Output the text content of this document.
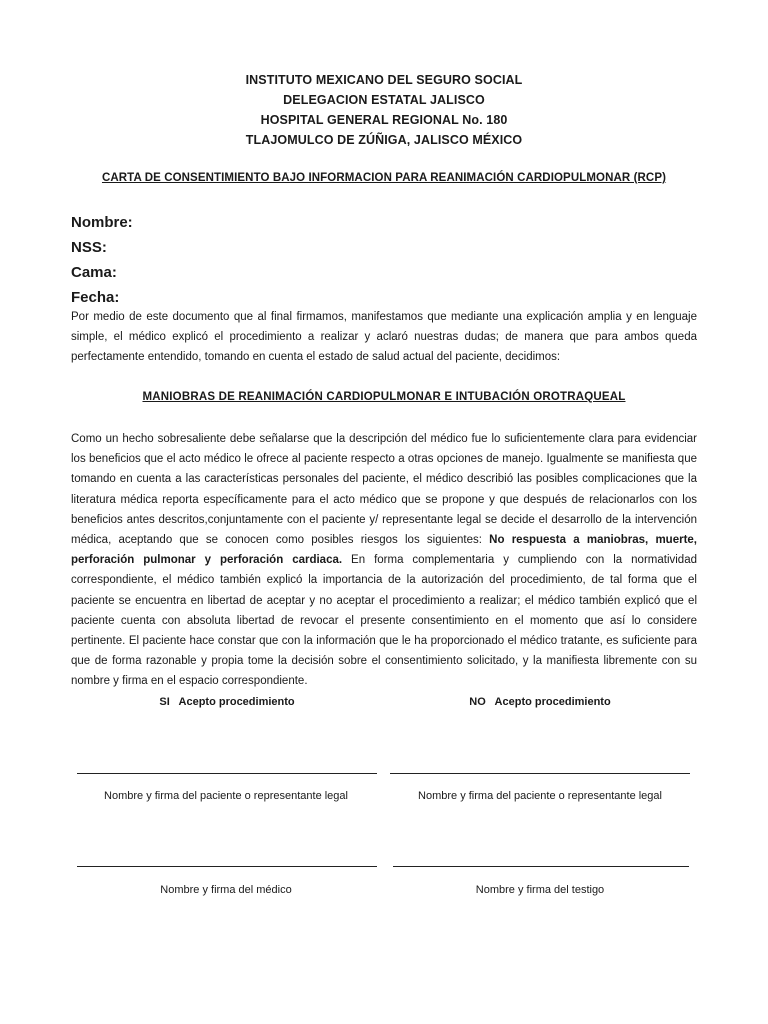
INSTITUTO MEXICANO DEL SEGURO SOCIAL
DELEGACION ESTATAL JALISCO
HOSPITAL GENERAL REGIONAL No. 180
TLAJOMULCO DE ZÚÑIGA, JALISCO MÉXICO
CARTA DE CONSENTIMIENTO BAJO INFORMACION PARA REANIMACIÓN CARDIOPULMONAR (RCP)
Nombre:
NSS:
Cama:
Fecha:
Por medio de este documento que al final firmamos, manifestamos que mediante una explicación amplia y en lenguaje simple, el médico explicó el procedimiento a realizar y aclaró nuestras dudas; de manera que para ambos queda perfectamente entendido, tomando en cuenta el estado de salud actual del paciente, decidimos:
MANIOBRAS DE REANIMACIÓN CARDIOPULMONAR E INTUBACIÓN OROTRAQUEAL
Como un hecho sobresaliente debe señalarse que la descripción del médico fue lo suficientemente clara para evidenciar los beneficios que el acto médico le ofrece al paciente respecto a otras opciones de manejo. Igualmente se manifiesta que tomando en cuenta a las características personales del paciente, el médico describió las posibles complicaciones que la literatura médica reporta específicamente para el acto médico que se propone y que después de relacionarlos con los beneficios antes descritos,conjuntamente con el paciente y/ representante legal se decide el desarrollo de la intervención médica, aceptando que se conocen como posibles riesgos los siguientes: No respuesta a maniobras, muerte, perforación pulmonar y perforación cardiaca. En forma complementaria y cumpliendo con la normatividad correspondiente, el médico también explicó la importancia de la autorización del procedimiento, de tal forma que el paciente se encuentra en libertad de aceptar y no aceptar el procedimiento a realizar; el médico también explicó que el paciente cuenta con absoluta libertad de revocar el presente consentimiento en el momento que así lo considere pertinente. El paciente hace constar que con la información que le ha proporcionado el médico tratante, es suficiente para que de forma razonable y propia tome la decisión sobre el consentimiento solicitado, y la manifiesta libremente con su nombre y firma en el espacio correspondiente.
SI   Acepto procedimiento	NO   Acepto procedimiento
Nombre y firma del paciente o representante legal	Nombre y firma del paciente o representante legal
Nombre y firma del médico	Nombre y firma del testigo
